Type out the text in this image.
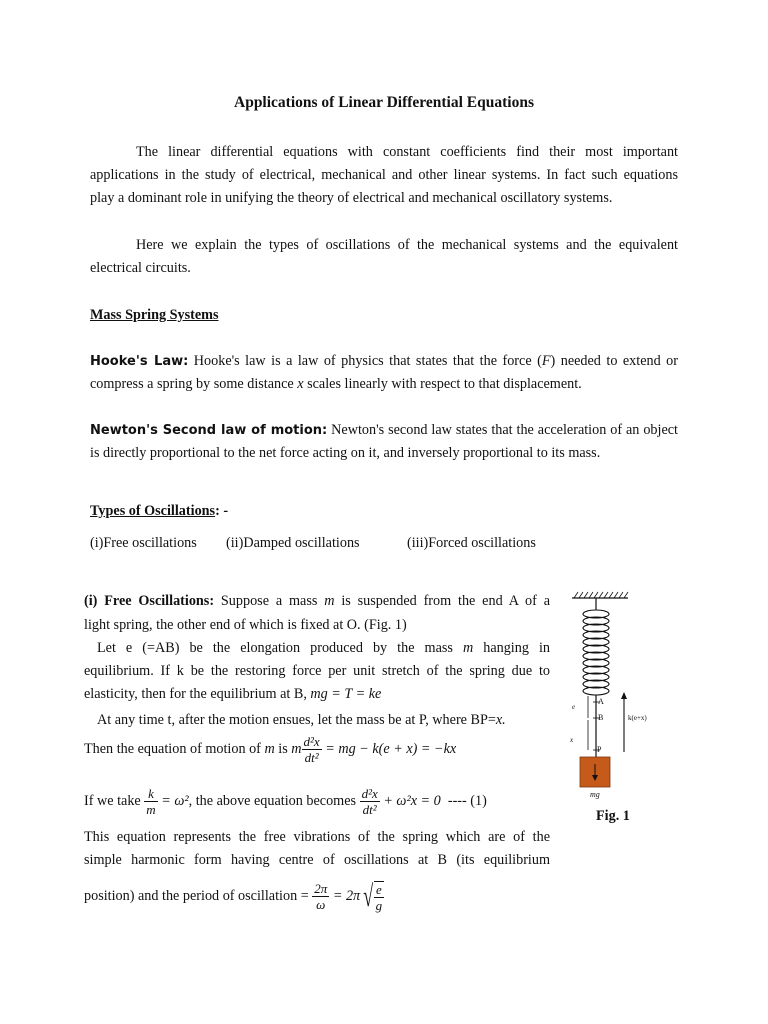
Applications of Linear Differential Equations
The linear differential equations with constant coefficients find their most important
applications in the study of electrical, mechanical and other linear systems. In fact such equations
play a dominant role in unifying the theory of electrical and mechanical oscillatory systems.
Here we explain the types of oscillations of the mechanical systems and the equivalent
electrical circuits.
Mass Spring Systems
Hooke's Law: Hooke's law is a law of physics that states that the force (F) needed to extend or
compress a spring by some distance x scales linearly with respect to that displacement.
Newton's Second law of motion: Newton's second law states that the acceleration of an object
is directly proportional to the net force acting on it, and inversely proportional to its mass.
Types of Oscillations: -
(i)Free oscillations (ii)Damped oscillations	(iii)Forced oscillations
(i) Free Oscillations: Suppose a mass m is suspended from the end A of a
light spring, the other end of which is fixed at O. (Fig. 1)
Let e (=AB) be the elongation produced by the mass m hanging in
equilibrium. If k be the restoring force per unit stretch of the spring due to
elasticity, then for the equilibrium at B, mg = T = ke
At any time t, after the motion ensues, let the mass be at P, where BP=x.
Then the equation of motion of m is m $\frac{\text{d²x}}{\text{dt²}}$ = mg − k(e + x) = −kx
If we take $\frac{k}{m} = \omega^2$, the above equation becomes $\frac{\text{d²x}}{\text{dt²}} + \omega^2x = 0$ ---- (1)
This equation represents the free vibrations of the spring which are of the
simple harmonic form having centre of oscillations at B (its equilibrium
position) and the period of oscillation = $\frac{2\pi}{\omega} = 2\pi$ √ $\frac{e}{g}$
A
B
P
e
x
k(e+x)
mg
Fig. 1
